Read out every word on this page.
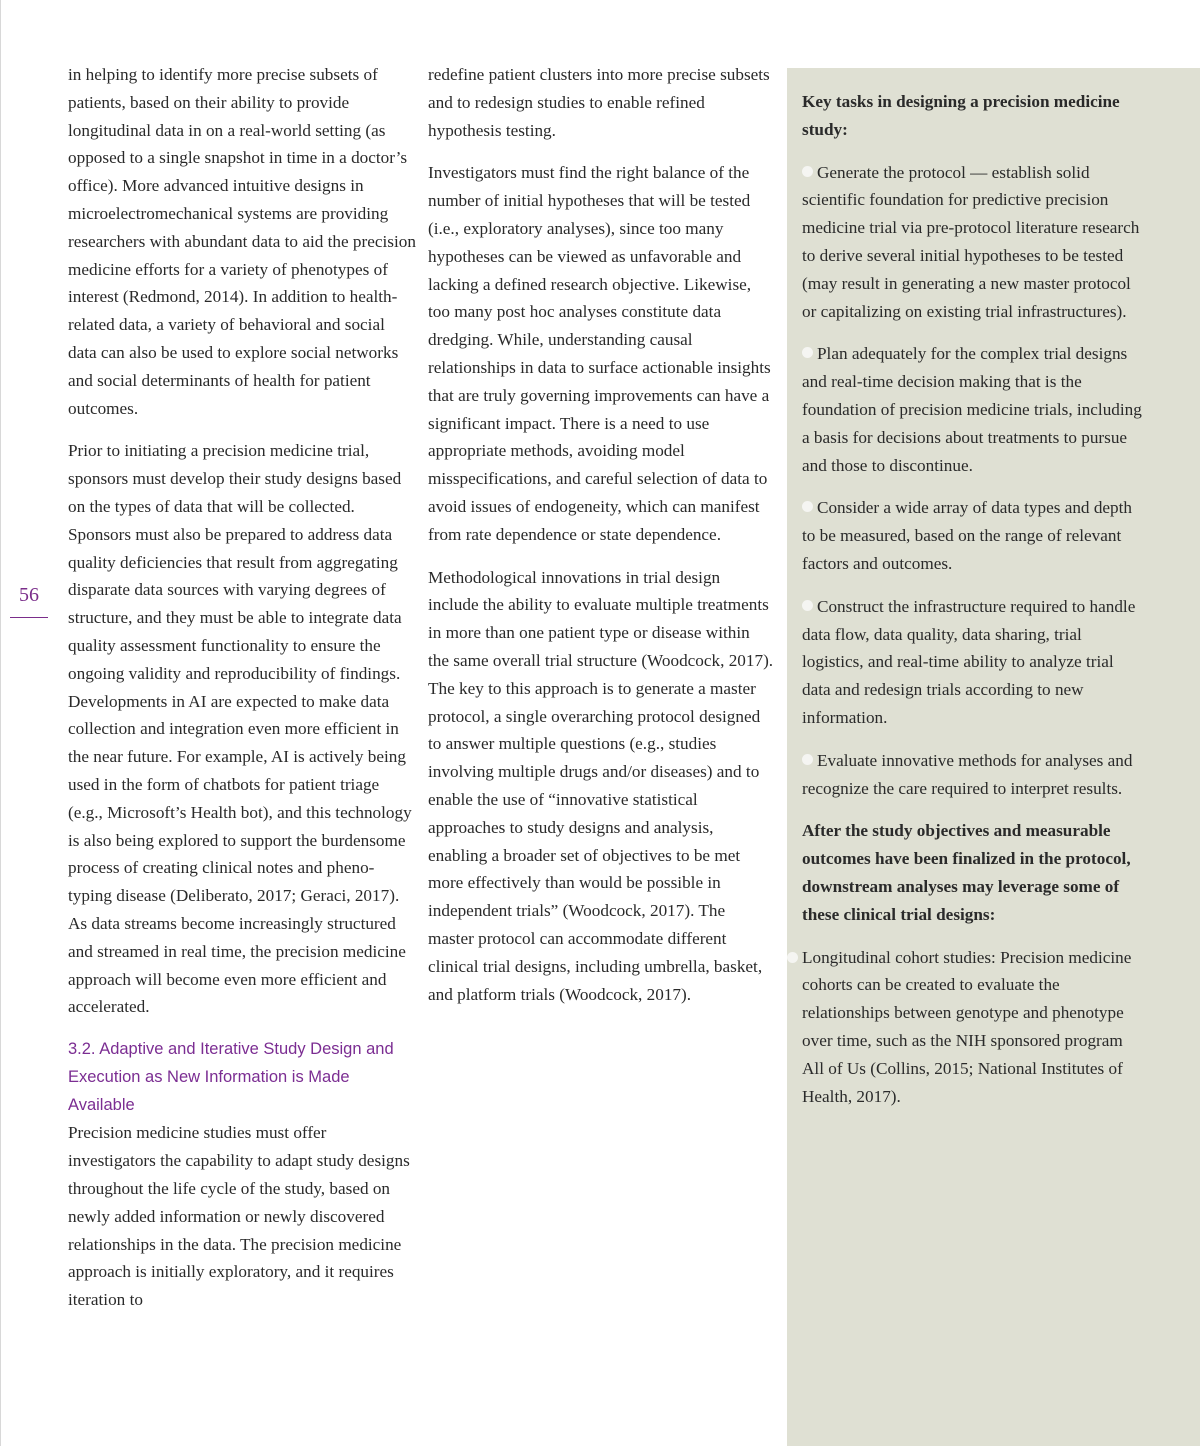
56

in helping to identify more precise subsets of patients, based on their ability to provide longitudinal data in on a real-world setting (as opposed to a single snapshot in time in a doctor’s office). More advanced intuitive designs in microelectromechanical systems are providing researchers with abundant data to aid the precision medicine efforts for a variety of phenotypes of interest (Redmond, 2014). In addition to health-related data, a variety of behavioral and social data can also be used to explore social networks and social determinants of health for patient outcomes.

Prior to initiating a precision medicine trial, sponsors must develop their study designs based on the types of data that will be collected. Sponsors must also be prepared to address data quality deficiencies that result from aggregating disparate data sources with varying degrees of structure, and they must be able to integrate data quality assessment functionality to ensure the ongoing validity and reproducibility of findings. Developments in AI are expected to make data collection and integration even more efficient in the near future. For example, AI is actively being used in the form of chatbots for patient triage (e.g., Microsoft’s Health bot), and this technology is also being explored to support the burdensome process of creating clinical notes and pheno-typing disease (Deliberato, 2017; Geraci, 2017). As data streams become increasingly structured and streamed in real time, the precision medicine approach will become even more efficient and accelerated.

3.2. Adaptive and Iterative Study Design and Execution as New Information is Made Available

Precision medicine studies must offer investigators the capability to adapt study designs throughout the life cycle of the study, based on newly added information or newly discovered relationships in the data. The precision medicine approach is initially exploratory, and it requires iteration to

redefine patient clusters into more precise subsets and to redesign studies to enable refined hypothesis testing.

Investigators must find the right balance of the number of initial hypotheses that will be tested (i.e., exploratory analyses), since too many hypotheses can be viewed as unfavorable and lacking a defined research objective. Likewise, too many post hoc analyses constitute data dredging. While, understanding causal relationships in data to surface actionable insights that are truly governing improvements can have a significant impact. There is a need to use appropriate methods, avoiding model misspecifications, and careful selection of data to avoid issues of endogeneity, which can manifest from rate dependence or state dependence.

Methodological innovations in trial design include the ability to evaluate multiple treatments in more than one patient type or disease within the same overall trial structure (Woodcock, 2017). The key to this approach is to generate a master protocol, a single overarching protocol designed to answer multiple questions (e.g., studies involving multiple drugs and/or diseases) and to enable the use of “innovative statistical approaches to study designs and analysis, enabling a broader set of objectives to be met more effectively than would be possible in independent trials” (Woodcock, 2017). The master protocol can accommodate different clinical trial designs, including umbrella, basket, and platform trials (Woodcock, 2017).

Key tasks in designing a precision medicine study:
Generate the protocol — establish solid scientific foundation for predictive precision medicine trial via pre-protocol literature research to derive several initial hypotheses to be tested (may result in generating a new master protocol or capitalizing on existing trial infrastructures).
Plan adequately for the complex trial designs and real-time decision making that is the foundation of precision medicine trials, including a basis for decisions about treatments to pursue and those to discontinue.
Consider a wide array of data types and depth to be measured, based on the range of relevant factors and outcomes.
Construct the infrastructure required to handle data flow, data quality, data sharing, trial logistics, and real-time ability to analyze trial data and redesign trials according to new information.
Evaluate innovative methods for analyses and recognize the care required to interpret results.
After the study objectives and measurable outcomes have been finalized in the protocol, downstream analyses may leverage some of these clinical trial designs:
Longitudinal cohort studies: Precision medicine cohorts can be created to evaluate the relationships between genotype and phenotype over time, such as the NIH sponsored program All of Us (Collins, 2015; National Institutes of Health, 2017).
